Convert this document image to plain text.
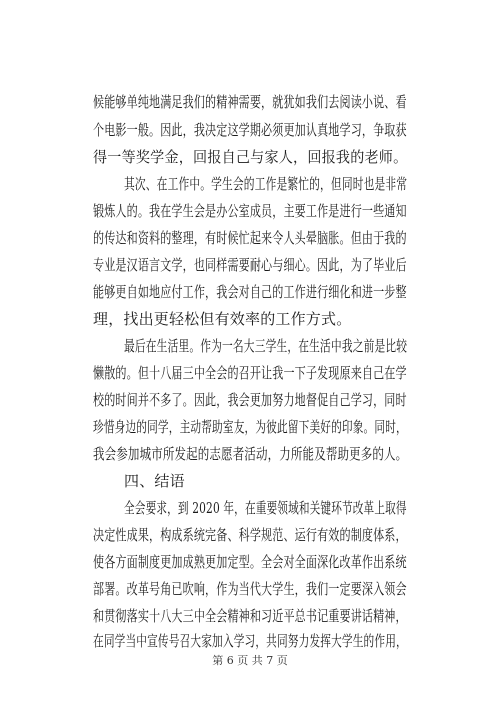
候能够单纯地满足我们的精神需要，就犹如我们去阅读小说、看
个电影一般。因此，我决定这学期必须更加认真地学习，争取获
得一等奖学金，回报自己与家人，回报我的老师。
其次、在工作中。学生会的工作是繁忙的，但同时也是非常
锻炼人的。我在学生会是办公室成员，主要工作是进行一些通知
的传达和资料的整理，有时候忙起来令人头晕脑胀。但由于我的
专业是汉语言文学，也同样需要耐心与细心。因此，为了毕业后
能够更自如地应付工作，我会对自己的工作进行细化和进一步整
理，找出更轻松但有效率的工作方式。
最后在生活里。作为一名大三学生，在生活中我之前是比较
懒散的。但十八届三中全会的召开让我一下子发现原来自己在学
校的时间并不多了。因此，我会更加努力地督促自己学习，同时
珍惜身边的同学，主动帮助室友，为彼此留下美好的印象。同时，
我会参加城市所发起的志愿者活动，力所能及帮助更多的人。
四、结语
全会要求，到 2020 年，在重要领域和关键环节改革上取得
决定性成果，构成系统完备、科学规范、运行有效的制度体系，
使各方面制度更加成熟更加定型。全会对全面深化改革作出系统
部署。改革号角已吹响，作为当代大学生，我们一定要深入领会
和贯彻落实十八大三中全会精神和习近平总书记重要讲话精神，
在同学当中宣传号召大家加入学习，共同努力发挥大学生的作用，
第 6 页 共 7 页
